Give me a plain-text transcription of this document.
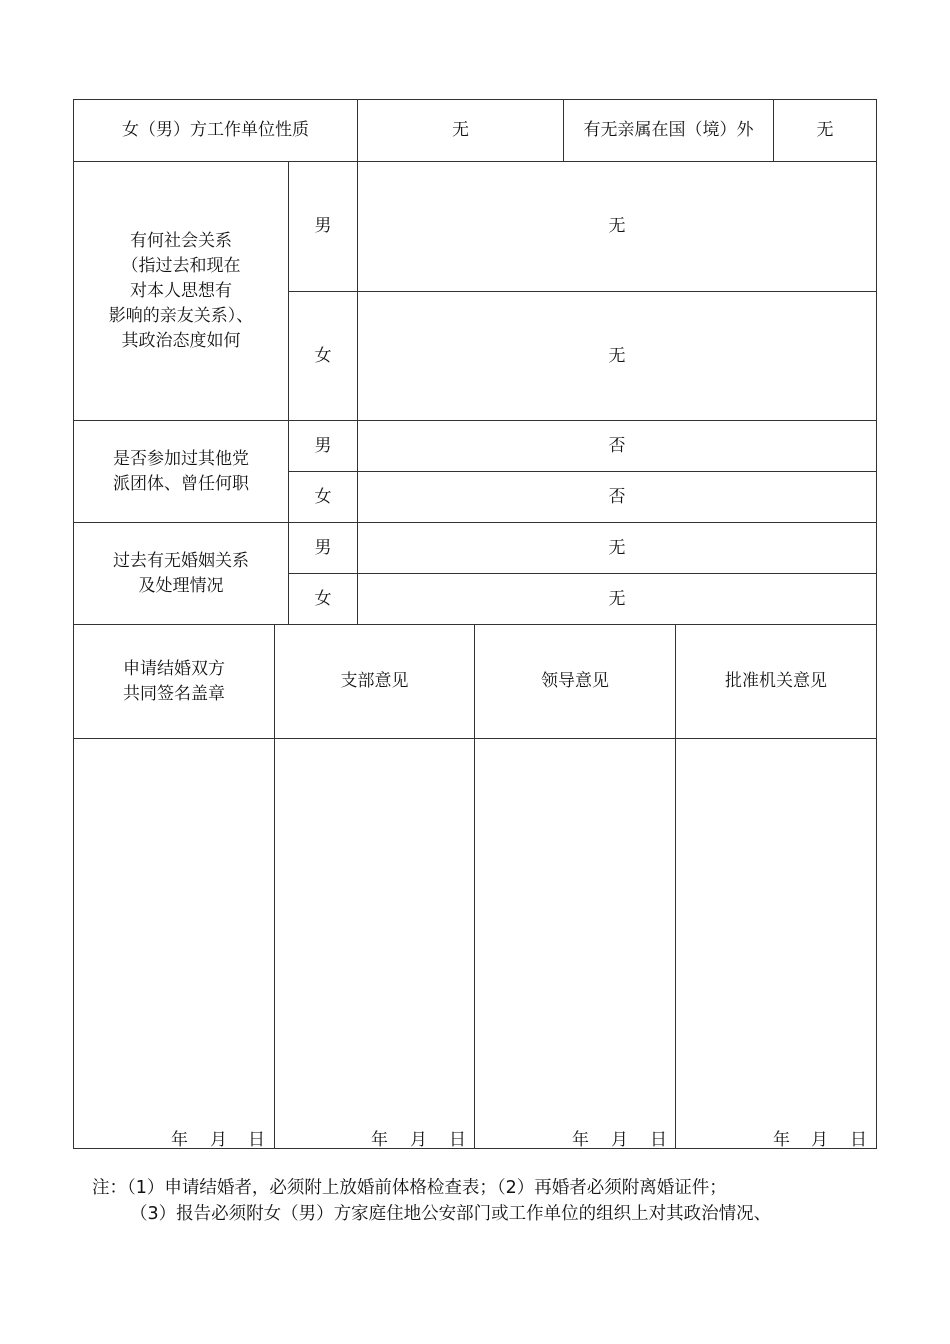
女（男）方工作单位性质	无	有无亲属在国（境）外	无
有何社会关系
（指过去和现在
对本人思想有
影响的亲友关系）、
其政治态度如何
男	无
女	无
是否参加过其他党
派团体、曾任何职
男	否
女	否
过去有无婚姻关系
及处理情况
男	无
女	无
申请结婚双方
共同签名盖章
支部意见	领导意见	批准机关意见
年 月 日	年 月 日	年 月 日	年 月 日
注：（1）申请结婚者，必须附上放婚前体格检查表；（2）再婚者必须附离婚证件；
（3）报告必须附女（男）方家庭住地公安部门或工作单位的组织上对其政治情况、
